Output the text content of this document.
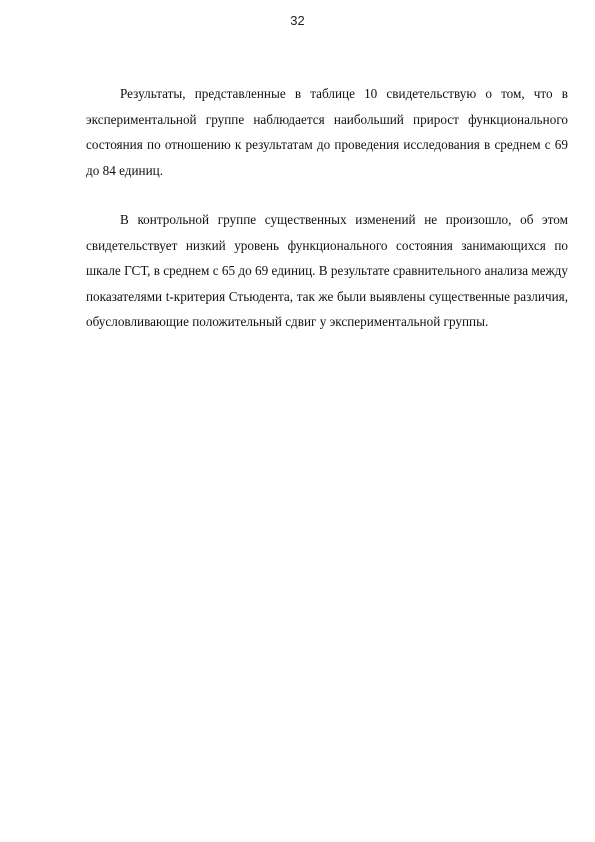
32

Результаты, представленные в таблице 10 свидетельствую о том, что в экспериментальной группе наблюдается наибольший прирост функционального состояния по отношению к результатам до проведения исследования в среднем с 69 до 84 единиц.

В контрольной группе существенных изменений не произошло, об этом свидетельствует низкий уровень функционального состояния занимающихся по шкале ГСТ, в среднем с 65 до 69 единиц. В результате сравнительного анализа между показателями t-критерия Стьюдента, так же были выявлены существенные различия, обусловливающие положительный сдвиг у экспериментальной группы.
